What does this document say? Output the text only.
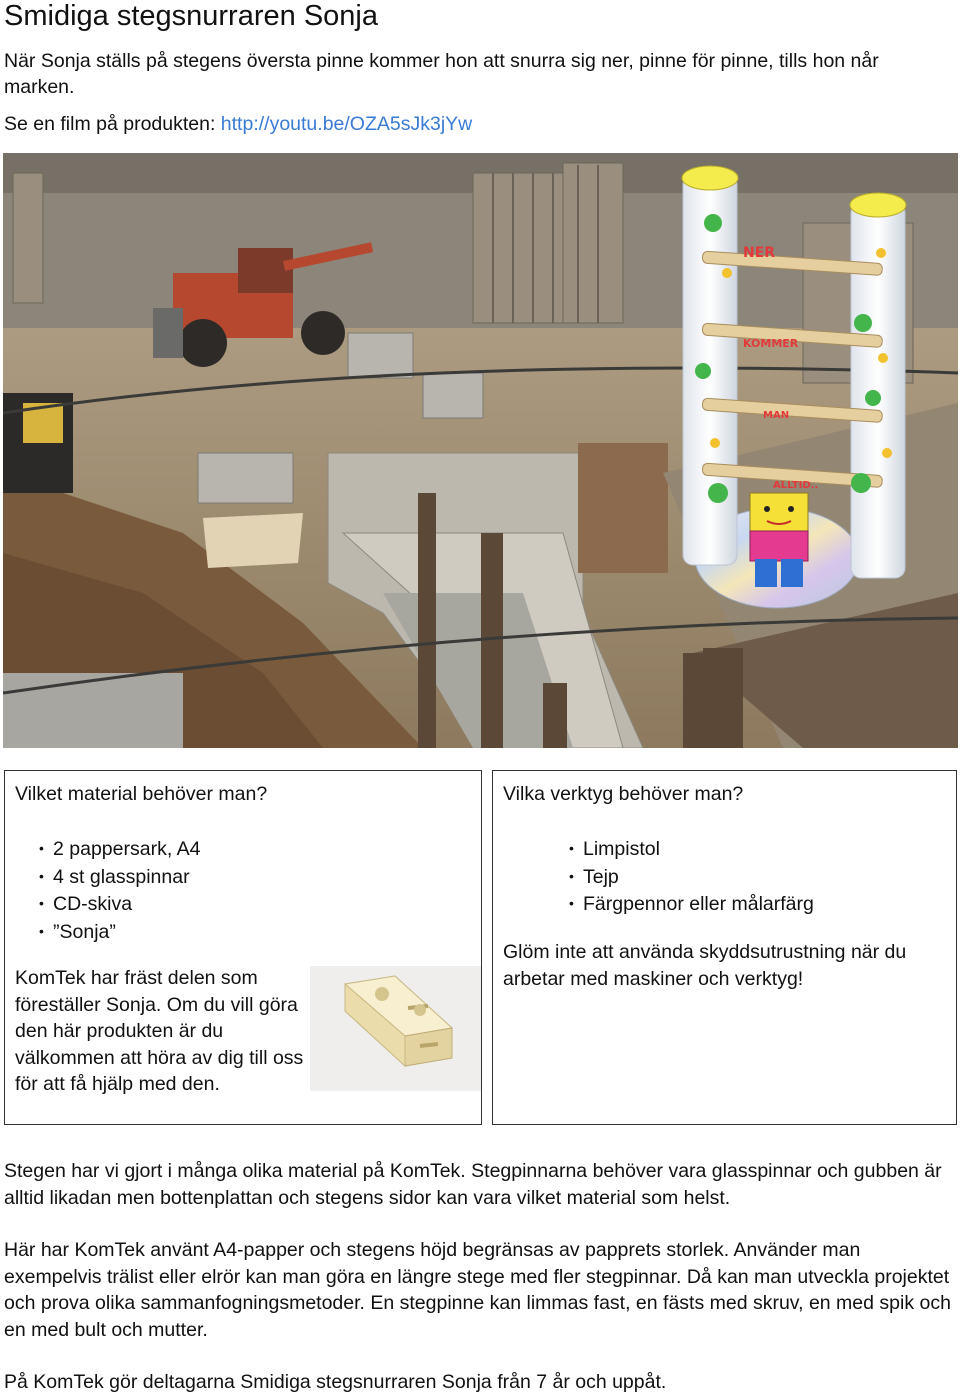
Smidiga stegsnurraren Sonja

När Sonja ställs på stegens översta pinne kommer hon att snurra sig ner, pinne för pinne, tills hon når marken.

Se en film på produkten: http://youtu.be/OZA5sJk3jYw

NER
KOMMER
MAN
ALLTID..
Vilket material behöver man?
• 2 pappersark, A4
• 4 st glasspinnar
• CD-skiva
• ”Sonja”

KomTek har fräst delen som föreställer Sonja. Om du vill göra den här produkten är du välkommen att höra av dig till oss för att få hjälp med den.

Vilka verktyg behöver man?
• Limpistol
• Tejp
• Färgpennor eller målarfärg

Glöm inte att använda skyddsutrustning när du arbetar med maskiner och verktyg!

Stegen har vi gjort i många olika material på KomTek. Stegpinnarna behöver vara glasspinnar och gubben är alltid likadan men bottenplattan och stegens sidor kan vara vilket material som helst.

Här har KomTek använt A4-papper och stegens höjd begränsas av papprets storlek. Använder man exempelvis trälist eller elrör kan man göra en längre stege med fler stegpinnar. Då kan man utveckla projektet och prova olika sammanfogningsmetoder. En stegpinne kan limmas fast, en fästs med skruv, en med spik och en med bult och mutter.

På KomTek gör deltagarna Smidiga stegsnurraren Sonja från 7 år och uppåt.
